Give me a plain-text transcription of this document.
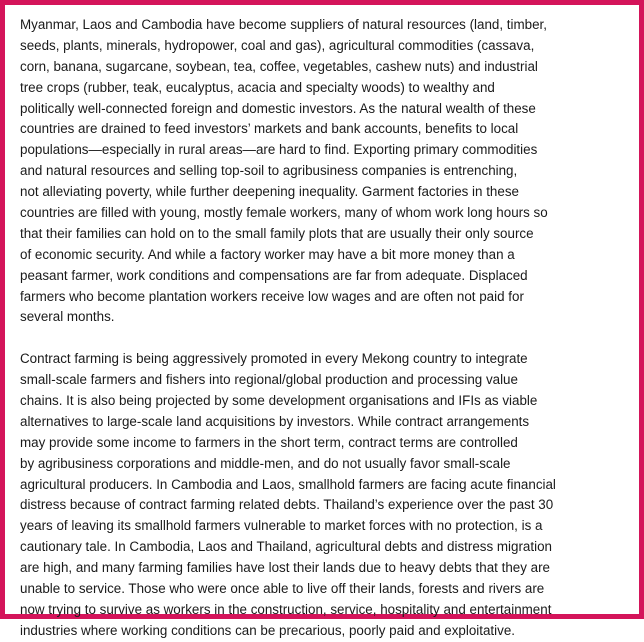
Myanmar, Laos and Cambodia have become suppliers of natural resources (land, timber,
seeds, plants, minerals, hydropower, coal and gas), agricultural commodities (cassava,
corn, banana, sugarcane, soybean, tea, coffee, vegetables, cashew nuts) and industrial
tree crops (rubber, teak, eucalyptus, acacia and specialty woods) to wealthy and
politically well-connected foreign and domestic investors. As the natural wealth of these
countries are drained to feed investors’ markets and bank accounts, benefits to local
populations—especially in rural areas—are hard to find. Exporting primary commodities
and natural resources and selling top-soil to agribusiness companies is entrenching,
not alleviating poverty, while further deepening inequality. Garment factories in these
countries are filled with young, mostly female workers, many of whom work long hours so
that their families can hold on to the small family plots that are usually their only source
of economic security. And while a factory worker may have a bit more money than a
peasant farmer, work conditions and compensations are far from adequate. Displaced
farmers who become plantation workers receive low wages and are often not paid for
several months.
Contract farming is being aggressively promoted in every Mekong country to integrate
small-scale farmers and fishers into regional/global production and processing value
chains. It is also being projected by some development organisations and IFIs as viable
alternatives to large-scale land acquisitions by investors. While contract arrangements
may provide some income to farmers in the short term, contract terms are controlled
by agribusiness corporations and middle-men, and do not usually favor small-scale
agricultural producers. In Cambodia and Laos, smallhold farmers are facing acute financial
distress because of contract farming related debts. Thailand’s experience over the past 30
years of leaving its smallhold farmers vulnerable to market forces with no protection, is a
cautionary tale. In Cambodia, Laos and Thailand, agricultural debts and distress migration
are high, and many farming families have lost their lands due to heavy debts that they are
unable to service. Those who were once able to live off their lands, forests and rivers are
now trying to survive as workers in the construction, service, hospitality and entertainment
industries where working conditions can be precarious, poorly paid and exploitative.
